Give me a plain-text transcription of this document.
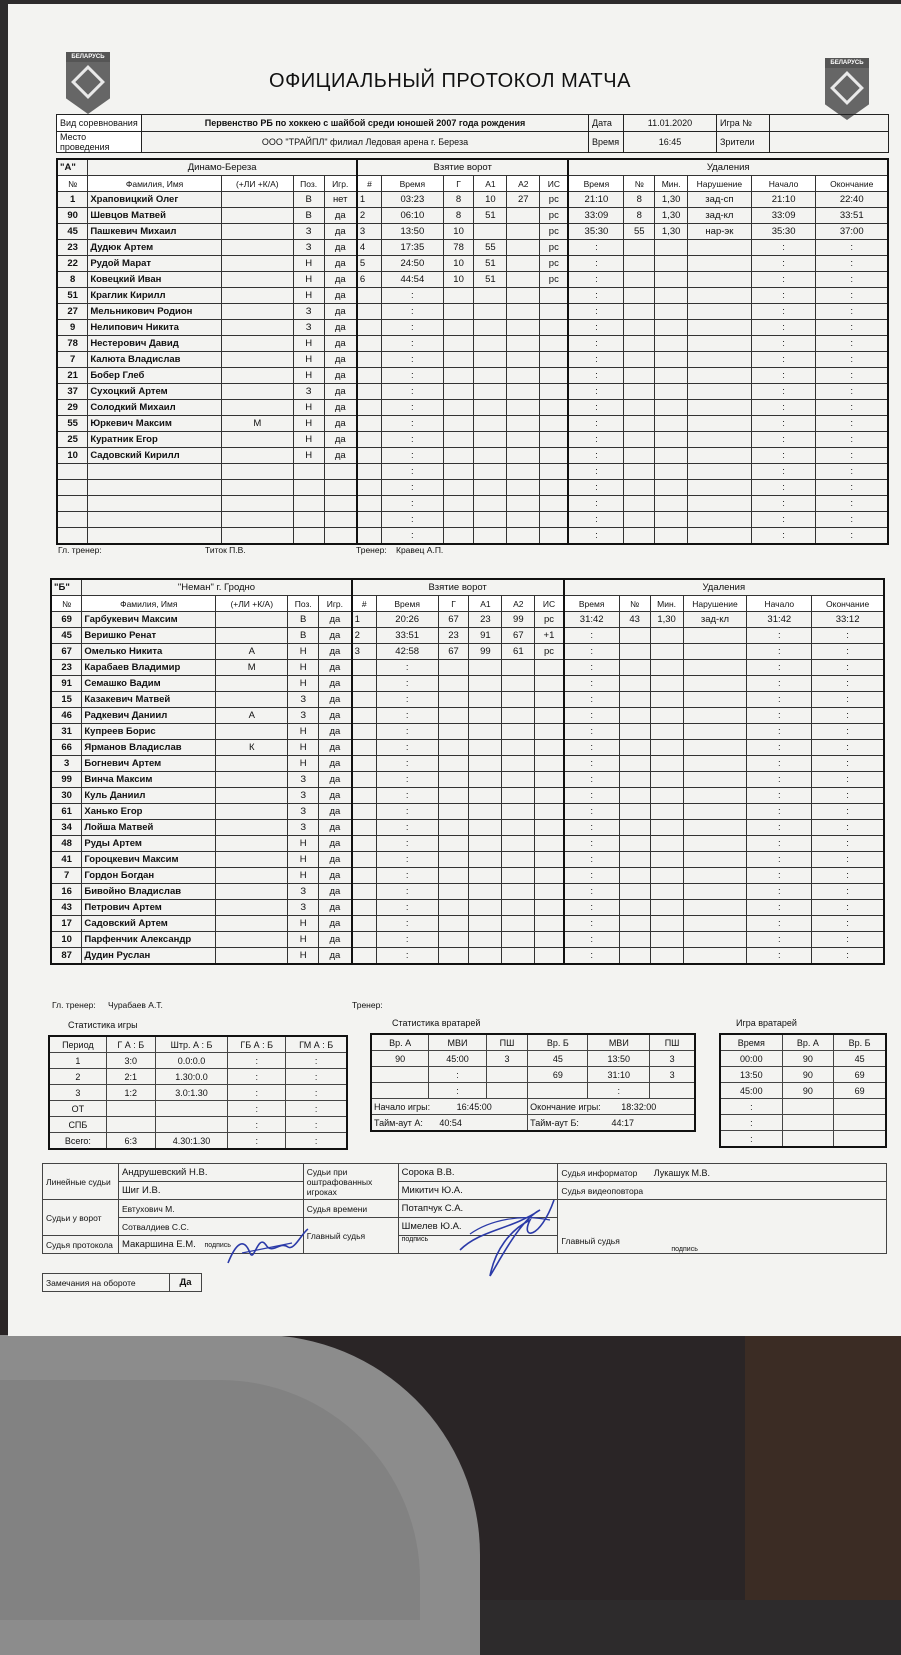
БЕЛАРУСЬ
БЕЛАРУСЬ
ОФИЦИАЛЬНЫЙ ПРОТОКОЛ МАТЧА
Вид соревнования	Первенство РБ по хоккею с шайбой среди юношей 2007 года рождения	Дата	11.01.2020	Игра №	
Место проведения	ООО "ТРАЙПЛ" филиал Ледовая арена г. Береза	Время	16:45	Зрители	
"А"	Динамо-Береза				Взятие ворот						Удаления					
№	Фамилия, Имя	(+ЛИ +К/А)	Поз.	Игр.	#	Время	Г	А1	А2	ИС	Время	№	Мин.	Нарушение	Начало	Окончание
1	Храповицкий Олег		В	нет	1	03:23	8	10	27	рс	21:10	8	1,30	зад-сп	21:10	22:40
90	Шевцов Матвей		В	да	2	06:10	8	51		рс	33:09	8	1,30	зад-кл	33:09	33:51
45	Пашкевич Михаил		З	да	3	13:50	10			рс	35:30	55	1,30	нар-эк	35:30	37:00
23	Дудюк Артем		З	да	4	17:35	78	55		рс	:				:	:
22	Рудой Марат		Н	да	5	24:50	10	51		рс	:				:	:
8	Ковецкий Иван		Н	да	6	44:54	10	51		рс	:				:	:
51	Краглик Кирилл		Н	да		:					:				:	:
27	Мельникович Родион		З	да		:					:				:	:
9	Нелипович Никита		З	да		:					:				:	:
78	Нестерович Давид		Н	да		:					:				:	:
7	Калюта Владислав		Н	да		:					:				:	:
21	Бобер Глеб		Н	да		:					:				:	:
37	Сухоцкий Артем		З	да		:					:				:	:
29	Солодкий Михаил		Н	да		:					:				:	:
55	Юркевич Максим	М	Н	да		:					:				:	:
25	Куратник Егор		Н	да		:					:				:	:
10	Садовский Кирилл		Н	да		:					:				:	:
						:					:				:	:
						:					:				:	:
						:					:				:	:
						:					:				:	:
						:					:				:	:
Гл. тренер:	Титок П.В.	Тренер: Кравец А.П.
"Б"	"Неман" г. Гродно				Взятие ворот						Удаления					
№	Фамилия, Имя	(+ЛИ +К/А)	Поз.	Игр.	#	Время	Г	А1	А2	ИС	Время	№	Мин.	Нарушение	Начало	Окончание
69	Гарбукевич Максим		В	да	1	20:26	67	23	99	рс	31:42	43	1,30	зад-кл	31:42	33:12
45	Веришко Ренат		В	да	2	33:51	23	91	67	+1	:				:	:
67	Омелько Никита	А	Н	да	3	42:58	67	99	61	рс	:				:	:
23	Карабаев Владимир	М	Н	да		:					:				:	:
91	Семашко Вадим		Н	да		:					:				:	:
15	Казакевич Матвей		З	да		:					:				:	:
46	Радкевич Даниил	А	З	да		:					:				:	:
31	Купреев Борис		Н	да		:					:				:	:
66	Ярманов Владислав	К	Н	да		:					:				:	:
3	Богневич Артем		Н	да		:					:				:	:
99	Винча Максим		З	да		:					:				:	:
30	Куль Даниил		З	да		:					:				:	:
61	Ханько Егор		З	да		:					:				:	:
34	Лойша Матвей		З	да		:					:				:	:
48	Руды Артем		Н	да		:					:				:	:
41	Гороцкевич Максим		Н	да		:					:				:	:
7	Гордон Богдан		Н	да		:					:				:	:
16	Бивойно Владислав		З	да		:					:				:	:
43	Петрович Артем		З	да		:					:				:	:
17	Садовский Артем		Н	да		:					:				:	:
10	Парфенчик Александр		Н	да		:					:				:	:
87	Дудин Руслан		Н	да		:					:				:	:
Гл. тренер: Чурабаев А.Т.	Тренер:
Статистика игры
Период	Г А : Б	Штр. А : Б	ГБ А : Б	ГМ А : Б
1	3:0	0.0:0.0	:	:
2	2:1	1.30:0.0	:	:
3	1:2	3.0:1.30	:	:
ОТ			:	:
СПБ			:	:
Всего:	6:3	4.30:1.30	:	:
Статистика вратарей
Вр. А	МВИ	ПШ	Вр. Б	МВИ	ПШ
90	45:00	3	45	13:50	3
	:		69	31:10	3
	:			:	
Начало игры: 16:45:00			Окончание игры: 18:32:00		
Тайм-аут А: 40:54			Тайм-аут Б: 44:17		
Игра вратарей
Время	Вр. А	Вр. Б
00:00	90	45
13:50	90	69
45:00	90	69
:		
:		
:		
Линейные судьи	Андрушевский Н.В.	Судьи при оштрафованных игроках	Сорока В.В.	Судья информатор Лукашук М.В.
	Шиг И.В.		Микитич Ю.А.	Судья видеоповтора
Судьи у ворот	Евтухович М.	Судья времени	Потапчук С.А.	Главный судья
подпись

	Сотвалдиев С.С.	Главный судья	Шмелев Ю.А.	
Судья протокола	Макаршина Е.М. подпись		подпись	
Замечания на обороте	Да
